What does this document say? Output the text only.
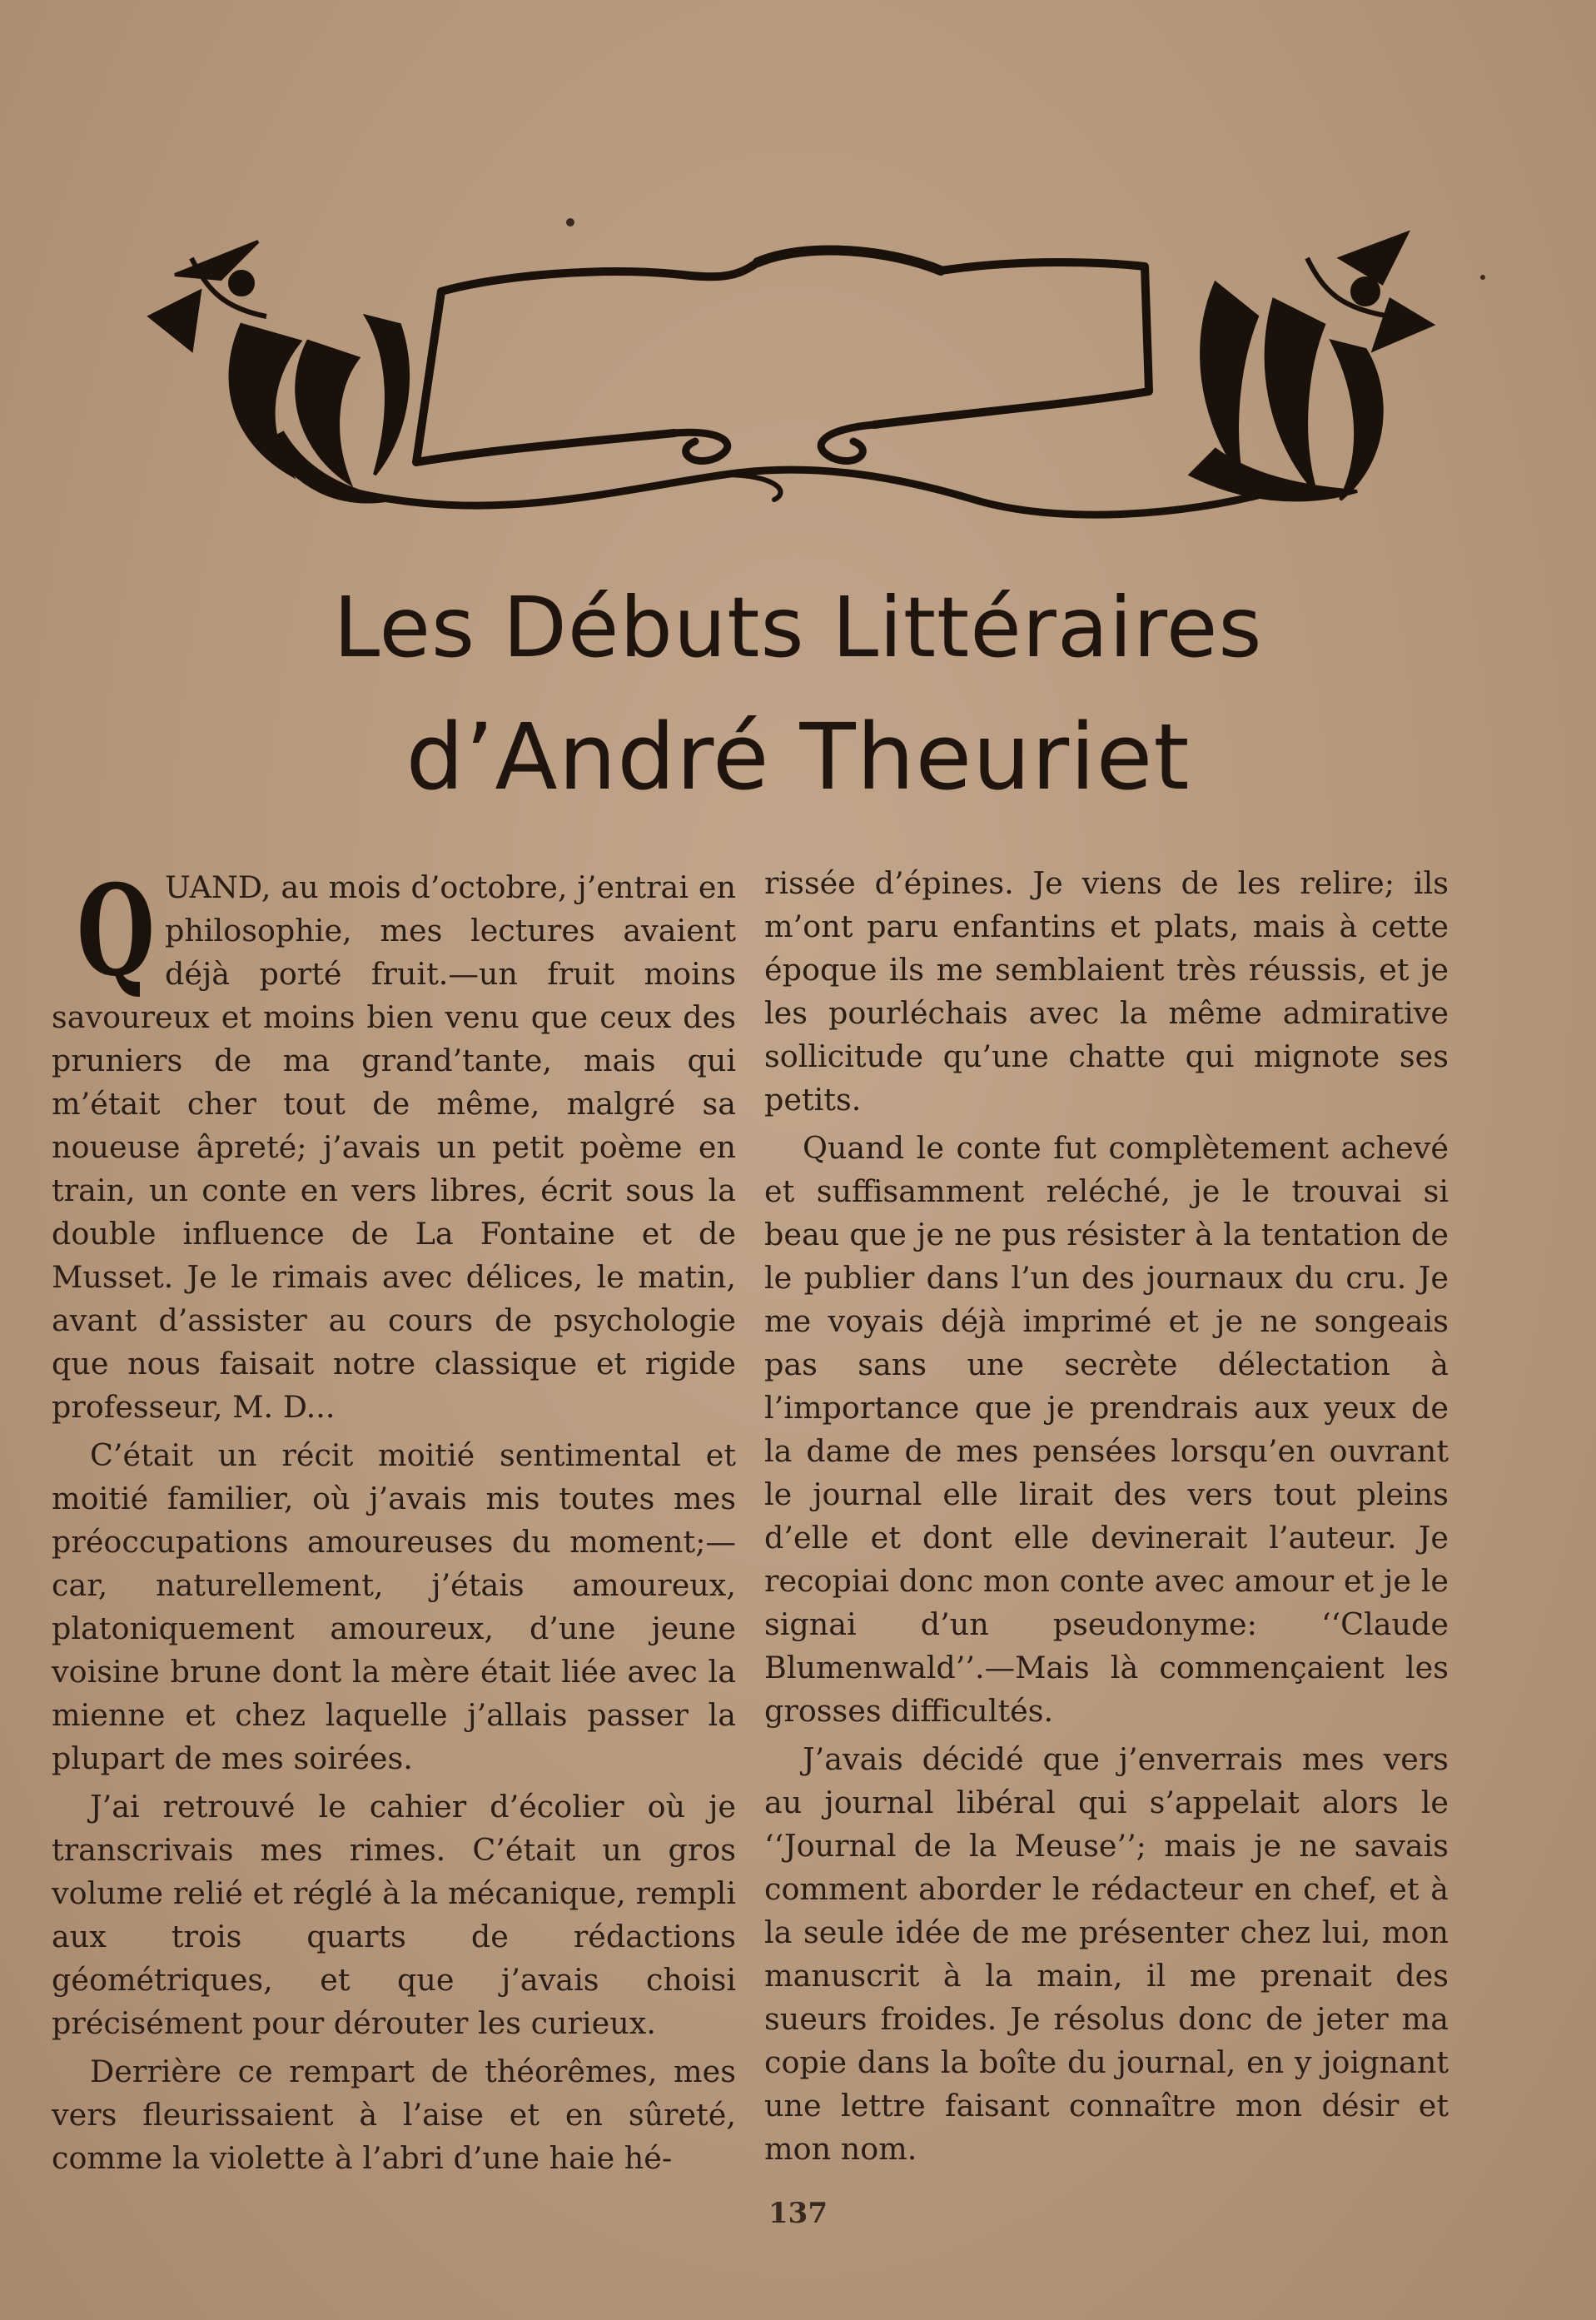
Les Débuts Littéraires
d’André Theuriet

Q UAND, au mois d’octobre, j’entrai en philosophie, mes lectures avaient déjà porté fruit.—un fruit moins savoureux et moins bien venu que ceux des pruniers de ma grand’tante, mais qui m’était cher tout de même, malgré sa noueuse âpreté; j’avais un petit poème en train, un conte en vers libres, écrit sous la double influence de La Fontaine et de Musset. Je le rimais avec délices, le matin, avant d’assister au cours de psychologie que nous faisait notre classique et rigide professeur, M. D...

C’était un récit moitié sentimental et moitié familier, où j’avais mis toutes mes préoccupations amoureuses du moment;—car, naturellement, j’étais amoureux, platoniquement amoureux, d’une jeune voisine brune dont la mère était liée avec la mienne et chez laquelle j’allais passer la plupart de mes soirées.

J’ai retrouvé le cahier d’écolier où je transcrivais mes rimes. C’était un gros volume relié et réglé à la mécanique, rempli aux trois quarts de rédactions géométriques, et que j’avais choisi précisément pour dérouter les curieux.

Derrière ce rempart de théorêmes, mes vers fleurissaient à l’aise et en sûreté, comme la violette à l’abri d’une haie hé-

rissée d’épines. Je viens de les relire; ils m’ont paru enfantins et plats, mais à cette époque ils me semblaient très réussis, et je les pourléchais avec la même admirative sollicitude qu’une chatte qui mignote ses petits.

Quand le conte fut complètement achevé et suffisamment reléché, je le trouvai si beau que je ne pus résister à la tentation de le publier dans l’un des journaux du cru. Je me voyais déjà imprimé et je ne songeais pas sans une secrète délectation à l’importance que je prendrais aux yeux de la dame de mes pensées lorsqu’en ouvrant le journal elle lirait des vers tout pleins d’elle et dont elle devinerait l’auteur. Je recopiai donc mon conte avec amour et je le signai d’un pseudonyme: ‘‘Claude Blumenwald’’.—Mais là commençaient les grosses difficultés.

J’avais décidé que j’enverrais mes vers au journal libéral qui s’appelait alors le ‘‘Journal de la Meuse’’; mais je ne savais comment aborder le rédacteur en chef, et à la seule idée de me présenter chez lui, mon manuscrit à la main, il me prenait des sueurs froides. Je résolus donc de jeter ma copie dans la boîte du journal, en y joignant une lettre faisant connaître mon désir et mon nom.

137
